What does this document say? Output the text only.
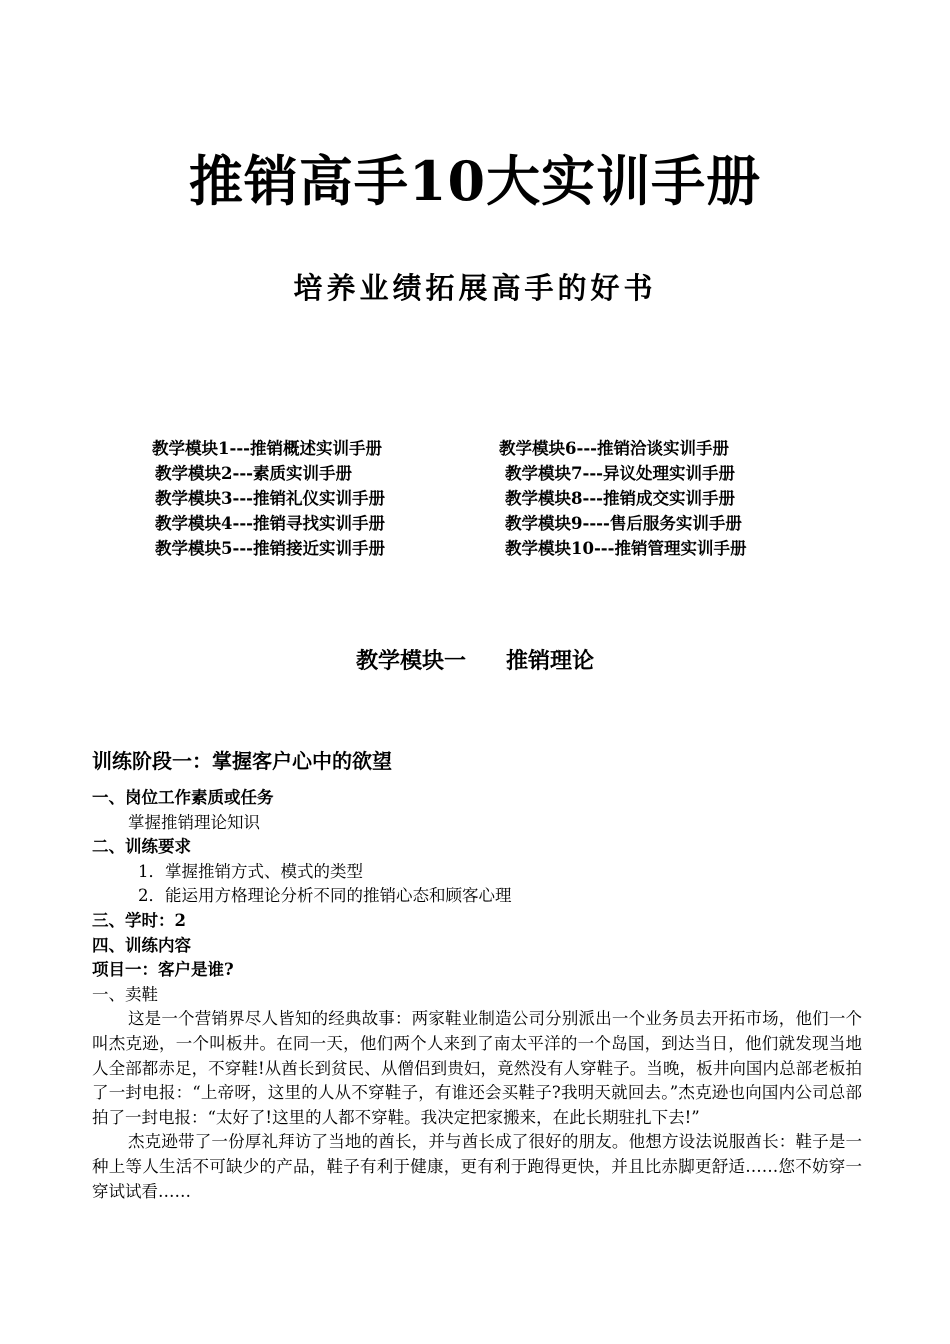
推销高手10大实训手册
培养业绩拓展高手的好书
教学模块1---推销概述实训手册	教学模块6---推销洽谈实训手册
教学模块2---素质实训手册	教学模块7---异议处理实训手册
教学模块3---推销礼仪实训手册	教学模块8---推销成交实训手册
教学模块4---推销寻找实训手册	教学模块9----售后服务实训手册
教学模块5---推销接近实训手册	教学模块10---推销管理实训手册
教学模块一 推销理论
训练阶段一：掌握客户心中的欲望
一、岗位工作素质或任务
掌握推销理论知识
二、训练要求
1．掌握推销方式、模式的类型
2．能运用方格理论分析不同的推销心态和顾客心理
三、学时：2
四、训练内容
项目一：客户是谁?
一、卖鞋

这是一个营销界尽人皆知的经典故事：两家鞋业制造公司分别派出一个业务员去开拓市场，他们一个叫杰克逊，一个叫板井。在同一天，他们两个人来到了南太平洋的一个岛国，到达当日，他们就发现当地人全部都赤足，不穿鞋!从酋长到贫民、从僧侣到贵妇，竟然没有人穿鞋子。当晚，板井向国内总部老板拍了一封电报：“上帝呀，这里的人从不穿鞋子，有谁还会买鞋子?我明天就回去。”杰克逊也向国内公司总部拍了一封电报：“太好了!这里的人都不穿鞋。我决定把家搬来，在此长期驻扎下去!”

杰克逊带了一份厚礼拜访了当地的酋长，并与酋长成了很好的朋友。他想方设法说服酋长：鞋子是一种上等人生活不可缺少的产品，鞋子有利于健康，更有利于跑得更快，并且比赤脚更舒适……您不妨穿一穿试试看……
